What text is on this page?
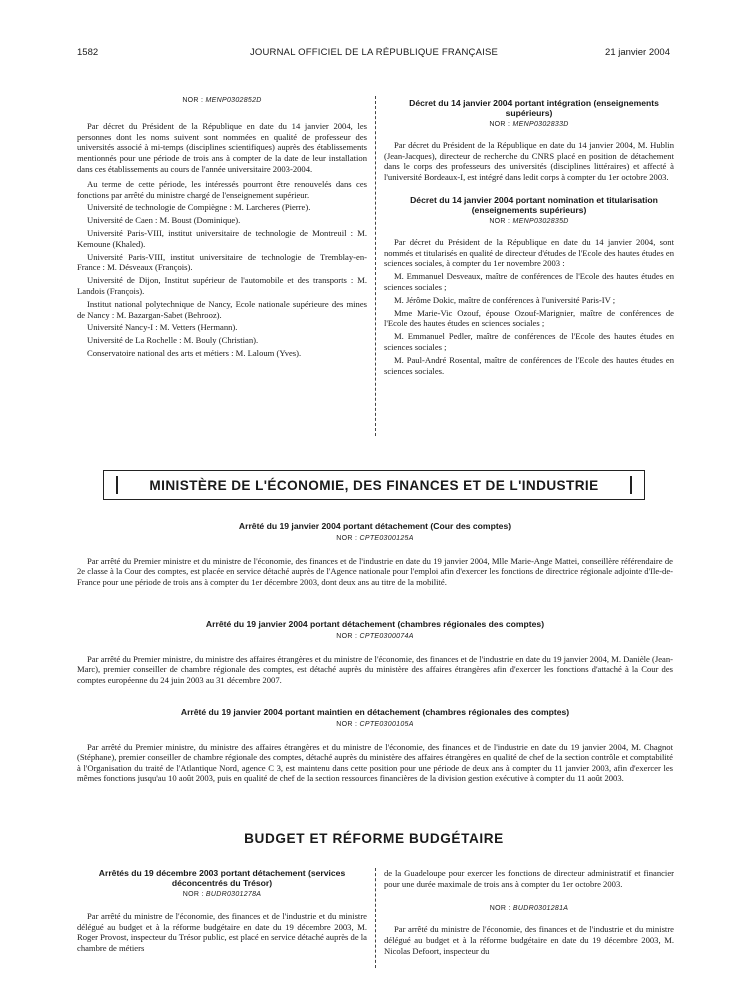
1582	JOURNAL OFFICIEL DE LA RÉPUBLIQUE FRANÇAISE	21 janvier 2004
NOR : MENP0302852D

Par décret du Président de la République en date du 14 janvier 2004, les personnes dont les noms suivent sont nommées en qualité de professeur des universités associé à mi-temps (disciplines scientifiques) auprès des établissements mentionnés pour une période de trois ans à compter de la date de leur installation dans ces établissements au cours de l'année universitaire 2003-2004.

Au terme de cette période, les intéressés pourront être renouvelés dans ces fonctions par arrêté du ministre chargé de l'enseignement supérieur.

Université de technologie de Compiègne : M. Larcheres (Pierre).

Université de Caen : M. Boust (Dominique).

Université Paris-VIII, institut universitaire de technologie de Montreuil : M. Kemoune (Khaled).

Université Paris-VIII, institut universitaire de technologie de Tremblay-en-France : M. Désveaux (François).

Université de Dijon, Institut supérieur de l'automobile et des transports : M. Landois (François).

Institut national polytechnique de Nancy, Ecole nationale supérieure des mines de Nancy : M. Bazargan-Sabet (Behrooz).

Université Nancy-I : M. Vetters (Hermann).

Université de La Rochelle : M. Bouly (Christian).

Conservatoire national des arts et métiers : M. Laloum (Yves).

Décret du 14 janvier 2004 portant intégration (enseignements supérieurs)

NOR : MENP0302833D

Par décret du Président de la République en date du 14 janvier 2004, M. Hublin (Jean-Jacques), directeur de recherche du CNRS placé en position de détachement dans le corps des professeurs des universités (disciplines littéraires) et affecté à l'université Bordeaux-I, est intégré dans ledit corps à compter du 1er octobre 2003.

Décret du 14 janvier 2004 portant nomination et titularisation (enseignements supérieurs)

NOR : MENP0302835D

Par décret du Président de la République en date du 14 janvier 2004, sont nommés et titularisés en qualité de directeur d'études de l'Ecole des hautes études en sciences sociales, à compter du 1er novembre 2003 :

M. Emmanuel Desveaux, maître de conférences de l'Ecole des hautes études en sciences sociales ;

M. Jérôme Dokic, maître de conférences à l'université Paris-IV ;

Mme Marie-Vic Ozouf, épouse Ozouf-Marignier, maître de conférences de l'Ecole des hautes études en sciences sociales ;

M. Emmanuel Pedler, maître de conférences de l'Ecole des hautes études en sciences sociales ;

M. Paul-André Rosental, maître de conférences de l'Ecole des hautes études en sciences sociales.

MINISTÈRE DE L'ÉCONOMIE, DES FINANCES ET DE L'INDUSTRIE

Arrêté du 19 janvier 2004 portant détachement (Cour des comptes)

NOR : CPTE0300125A

Par arrêté du Premier ministre et du ministre de l'économie, des finances et de l'industrie en date du 19 janvier 2004, Mlle Marie-Ange Mattei, conseillère référendaire de 2e classe à la Cour des comptes, est placée en service détaché auprès de l'Agence nationale pour l'emploi afin d'exercer les fonctions de directrice régionale adjointe d'Ile-de-France pour une période de trois ans à compter du 1er décembre 2003, dont deux ans au titre de la mobilité.

Arrêté du 19 janvier 2004 portant détachement (chambres régionales des comptes)

NOR : CPTE0300074A

Par arrêté du Premier ministre, du ministre des affaires étrangères et du ministre de l'économie, des finances et de l'industrie en date du 19 janvier 2004, M. Danièle (Jean-Marc), premier conseiller de chambre régionale des comptes, est détaché auprès du ministère des affaires étrangères afin d'exercer les fonctions d'attaché à la Cour des comptes européenne du 24 juin 2003 au 31 décembre 2007.

Arrêté du 19 janvier 2004 portant maintien en détachement (chambres régionales des comptes)

NOR : CPTE0300105A

Par arrêté du Premier ministre, du ministre des affaires étrangères et du ministre de l'économie, des finances et de l'industrie en date du 19 janvier 2004, M. Chagnot (Stéphane), premier conseiller de chambre régionale des comptes, détaché auprès du ministère des affaires étrangères en qualité de chef de la section contrôle et comptabilité à l'Organisation du traité de l'Atlantique Nord, agence C 3, est maintenu dans cette position pour une période de deux ans à compter du 11 janvier 2003, afin d'exercer les mêmes fonctions jusqu'au 10 août 2003, puis en qualité de chef de la section ressources financières de la division gestion exécutive à compter du 11 août 2003.

BUDGET ET RÉFORME BUDGÉTAIRE

Arrêtés du 19 décembre 2003 portant détachement (services déconcentrés du Trésor)

NOR : BUDR0301278A

Par arrêté du ministre de l'économie, des finances et de l'industrie et du ministre délégué au budget et à la réforme budgétaire en date du 19 décembre 2003, M. Roger Provost, inspecteur du Trésor public, est placé en service détaché auprès de la chambre de métiers

de la Guadeloupe pour exercer les fonctions de directeur administratif et financier pour une durée maximale de trois ans à compter du 1er octobre 2003.

NOR : BUDR0301281A

Par arrêté du ministre de l'économie, des finances et de l'industrie et du ministre délégué au budget et à la réforme budgétaire en date du 19 décembre 2003, M. Nicolas Defoort, inspecteur du
